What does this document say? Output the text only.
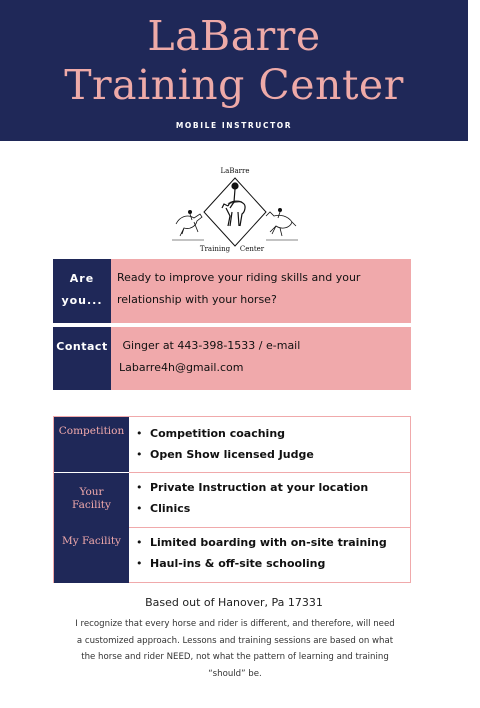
LaBarre
Training Center
MOBILE INSTRUCTOR
LaBarre
Training Center
Are
you...
Ready to improve your riding skills and your
relationship with your horse?
Contact Ginger at 443-398-1533 / e-mail
Labarre4h@gmail.com
Competition	• Competition coaching
• Open Show licensed Judge
Your
Facility
• Private Instruction at your location
• Clinics
My Facility	• Limited boarding with on-site training
• Haul-ins & off-site schooling
Based out of Hanover, Pa 17331
I recognize that every horse and rider is different, and therefore, will need
a customized approach. Lessons and training sessions are based on what
the horse and rider NEED, not what the pattern of learning and training
“should” be.
